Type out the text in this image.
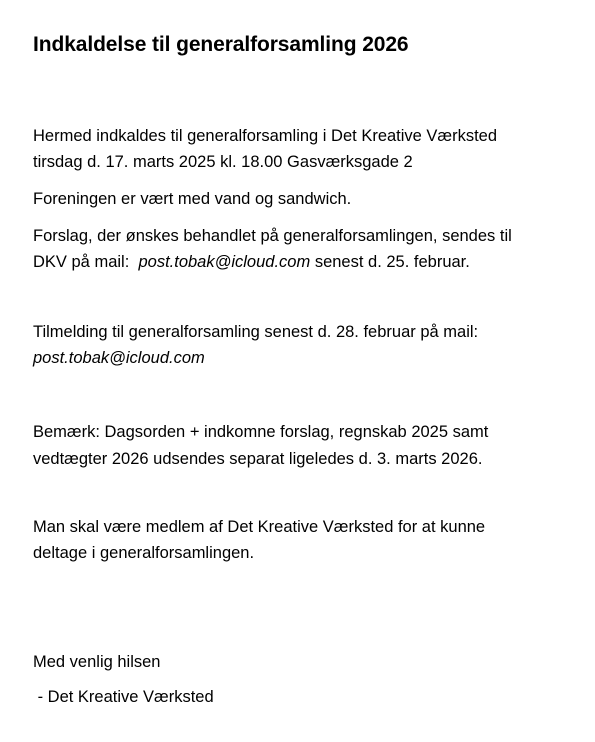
Indkaldelse til generalforsamling 2026
Hermed indkaldes til generalforsamling i Det Kreative Værksted
tirsdag d. 17. marts 2025 kl. 18.00 Gasværksgade 2
Foreningen er vært med vand og sandwich.
Forslag, der ønskes behandlet på generalforsamlingen, sendes til
DKV på mail:  post.tobak@icloud.com senest d. 25. februar.
Tilmelding til generalforsamling senest d. 28. februar på mail:
post.tobak@icloud.com
Bemærk: Dagsorden + indkomne forslag, regnskab 2025 samt
vedtægter 2026 udsendes separat ligeledes d. 3. marts 2026.
Man skal være medlem af Det Kreative Værksted for at kunne
deltage i generalforsamlingen.
Med venlig hilsen
- Det Kreative Værksted
